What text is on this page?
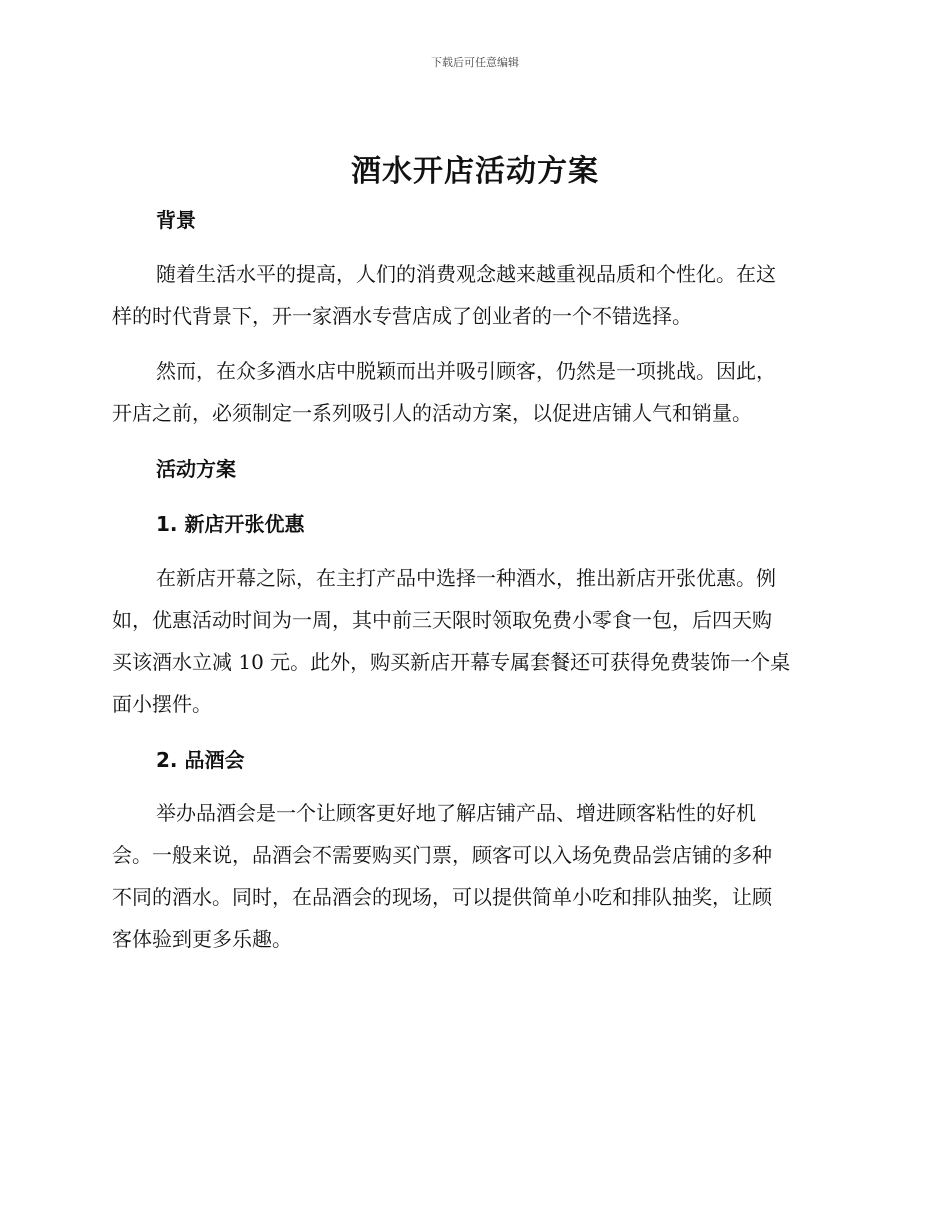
下载后可任意编辑
酒水开店活动方案
背景

随着生活水平的提高，人们的消费观念越来越重视品质和个性化。在这
样的时代背景下，开一家酒水专营店成了创业者的一个不错选择。

然而，在众多酒水店中脱颖而出并吸引顾客，仍然是一项挑战。因此，
开店之前，必须制定一系列吸引人的活动方案，以促进店铺人气和销量。

活动方案
1. 新店开张优惠

在新店开幕之际，在主打产品中选择一种酒水，推出新店开张优惠。例
如，优惠活动时间为一周，其中前三天限时领取免费小零食一包，后四天购
买该酒水立减 10 元。此外，购买新店开幕专属套餐还可获得免费装饰一个桌
面小摆件。

2. 品酒会

举办品酒会是一个让顾客更好地了解店铺产品、增进顾客粘性的好机
会。一般来说，品酒会不需要购买门票，顾客可以入场免费品尝店铺的多种
不同的酒水。同时，在品酒会的现场，可以提供简单小吃和排队抽奖，让顾
客体验到更多乐趣。
